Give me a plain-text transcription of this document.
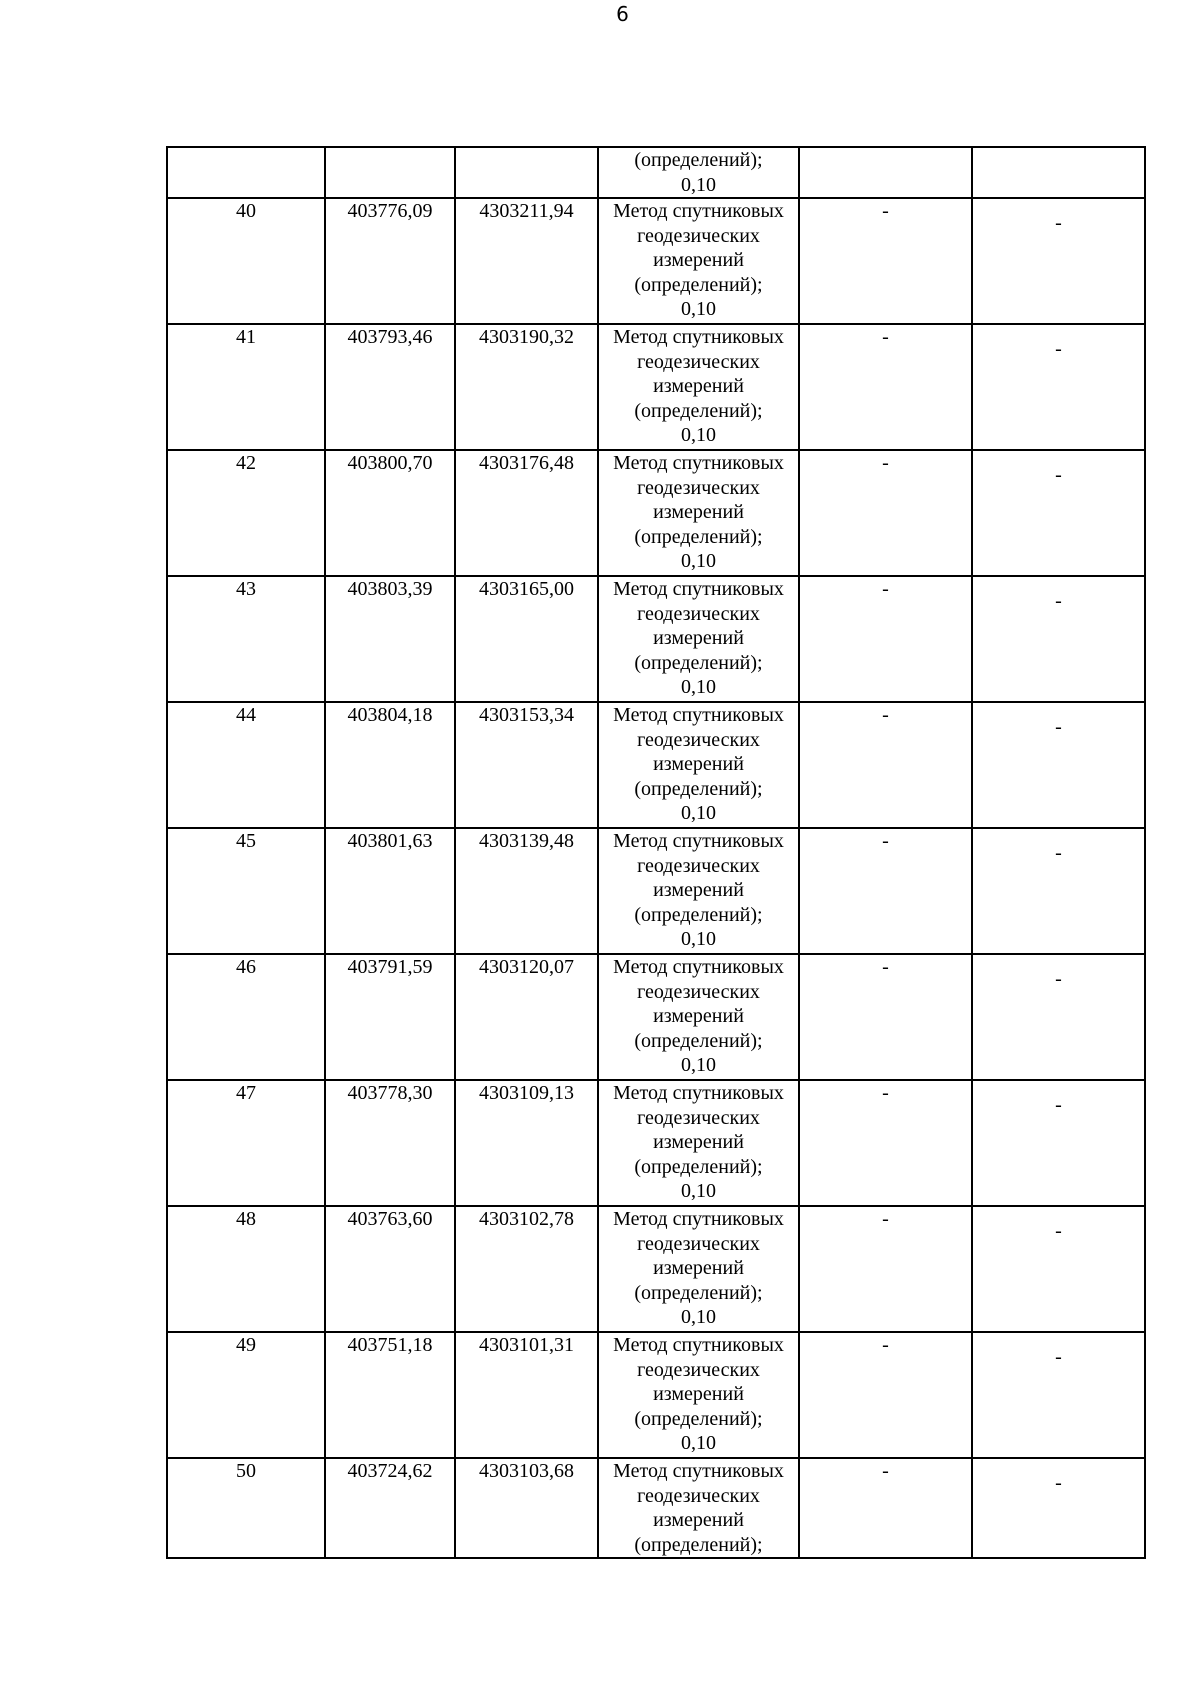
6

			(определений);
0,10		

40	403776,09	4303211,94	Метод спутниковых
геодезических
измерений
(определений);
0,10	-	-

41	403793,46	4303190,32	Метод спутниковых
геодезических
измерений
(определений);
0,10	-	-

42	403800,70	4303176,48	Метод спутниковых
геодезических
измерений
(определений);
0,10	-	-

43	403803,39	4303165,00	Метод спутниковых
геодезических
измерений
(определений);
0,10	-	-

44	403804,18	4303153,34	Метод спутниковых
геодезических
измерений
(определений);
0,10	-	-

45	403801,63	4303139,48	Метод спутниковых
геодезических
измерений
(определений);
0,10	-	-

46	403791,59	4303120,07	Метод спутниковых
геодезических
измерений
(определений);
0,10	-	-

47	403778,30	4303109,13	Метод спутниковых
геодезических
измерений
(определений);
0,10	-	-

48	403763,60	4303102,78	Метод спутниковых
геодезических
измерений
(определений);
0,10	-	-

49	403751,18	4303101,31	Метод спутниковых
геодезических
измерений
(определений);
0,10	-	-

50	403724,62	4303103,68	Метод спутниковых
геодезических
измерений
(определений);	-	-
